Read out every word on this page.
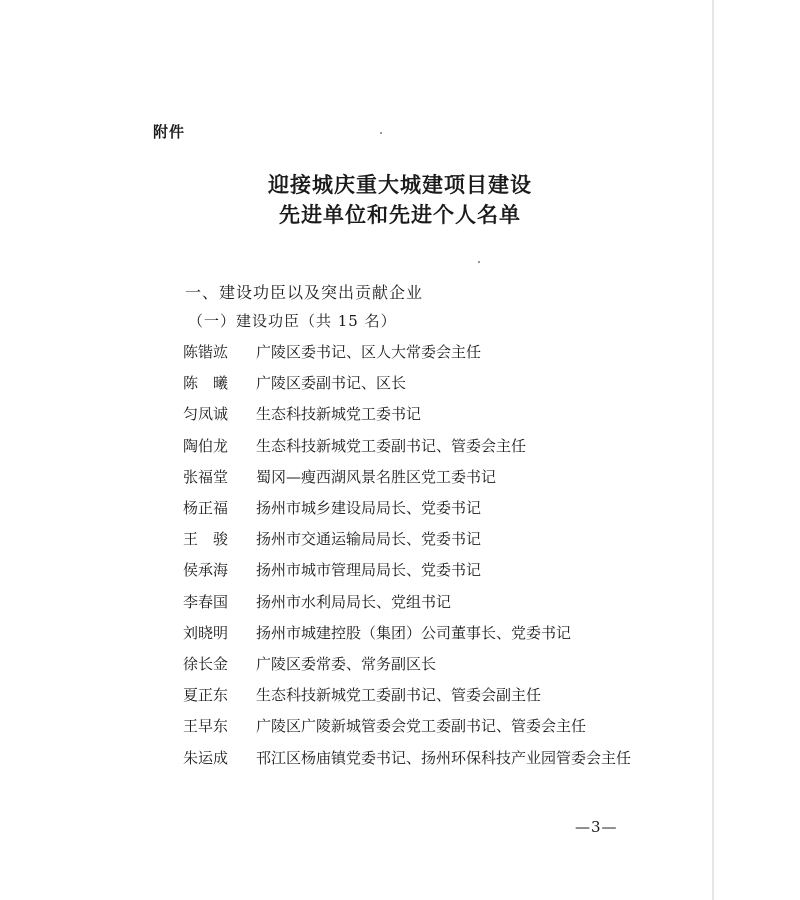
附件
迎接城庆重大城建项目建设
先进单位和先进个人名单
一、建设功臣以及突出贡献企业
（一）建设功臣（共 15 名）
陈锴竑	广陵区委书记、区人大常委会主任
陈曦 广陵区委副书记、区长
匀凤诚	生态科技新城党工委书记
陶伯龙	生态科技新城党工委副书记、管委会主任
张福堂	蜀冈—瘦西湖风景名胜区党工委书记
杨正福	扬州市城乡建设局局长、党委书记
王骏 扬州市交通运输局局长、党委书记
侯承海	扬州市城市管理局局长、党委书记
李春国	扬州市水利局局长、党组书记
刘晓明	扬州市城建控股（集团）公司董事长、党委书记
徐长金	广陵区委常委、常务副区长
夏正东	生态科技新城党工委副书记、管委会副主任
王早东	广陵区广陵新城管委会党工委副书记、管委会主任
朱运成	邗江区杨庙镇党委书记、扬州环保科技产业园管委会主任
—3—
